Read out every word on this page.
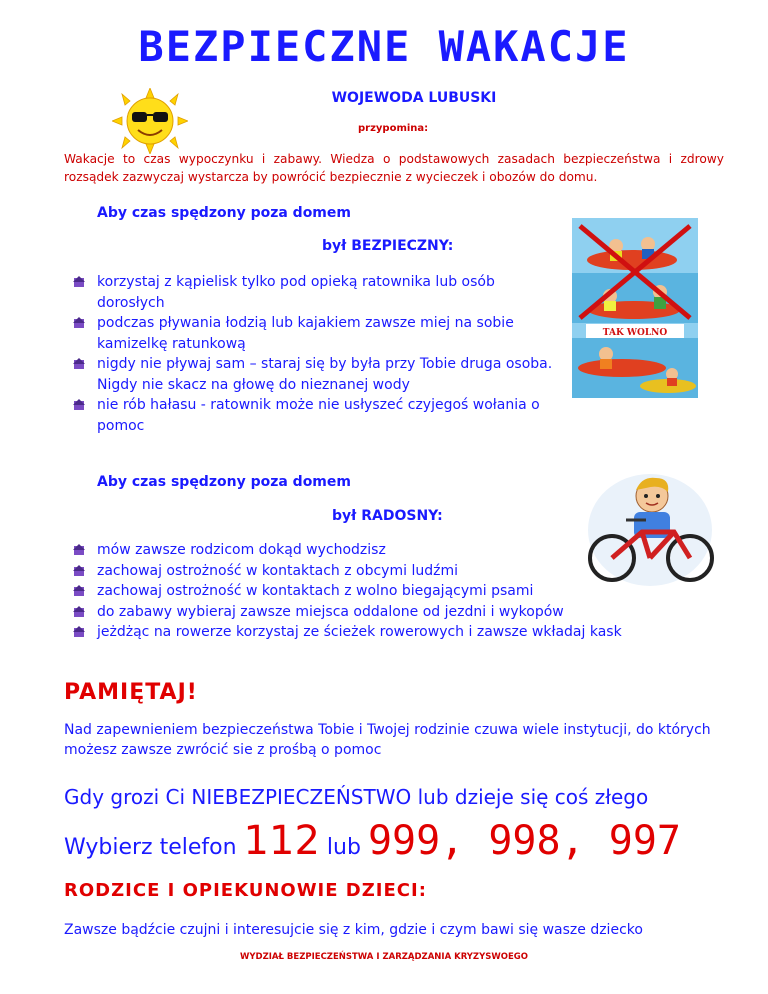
BEZPIECZNE WAKACJE
WOJEWODA LUBUSKI
przypomina:
Wakacje to czas wypoczynku i zabawy. Wiedza o podstawowych zasadach bezpieczeństwa i zdrowy rozsądek zazwyczaj wystarcza by powrócić bezpiecznie z wycieczek i obozów do domu.
Aby czas spędzony poza domem
był BEZPIECZNY:
korzystaj z kąpielisk tylko pod opieką ratownika lub osób dorosłych
podczas pływania łodzią lub kajakiem zawsze miej na sobie kamizelkę ratunkową
nigdy nie pływaj sam – staraj się by była przy Tobie druga osoba. Nigdy nie skacz na głowę do nieznanej wody
nie rób hałasu - ratownik może nie usłyszeć czyjegoś wołania o pomoc
TAK WOLNO
Aby czas spędzony poza domem
był RADOSNY:
mów zawsze rodzicom dokąd wychodzisz
zachowaj ostrożność w kontaktach z obcymi ludźmi
zachowaj ostrożność w kontaktach z wolno biegającymi psami
do zabawy wybieraj zawsze miejsca oddalone od jezdni i wykopów
jeżdżąc na rowerze korzystaj ze ścieżek rowerowych i zawsze wkładaj kask
PAMIĘTAJ!
Nad zapewnieniem bezpieczeństwa Tobie i Twojej rodzinie czuwa wiele instytucji, do których możesz zawsze zwrócić sie z prośbą o pomoc
Gdy grozi Ci NIEBEZPIECZEŃSTWO lub dzieje się coś złego
Wybierz telefon 112 lub 999, 998, 997
RODZICE I OPIEKUNOWIE DZIECI:
Zawsze bądźcie czujni i interesujcie się z kim, gdzie i czym bawi się wasze dziecko
WYDZIAŁ BEZPIECZEŃSTWA I ZARZĄDZANIA KRYZYSWOEGO
